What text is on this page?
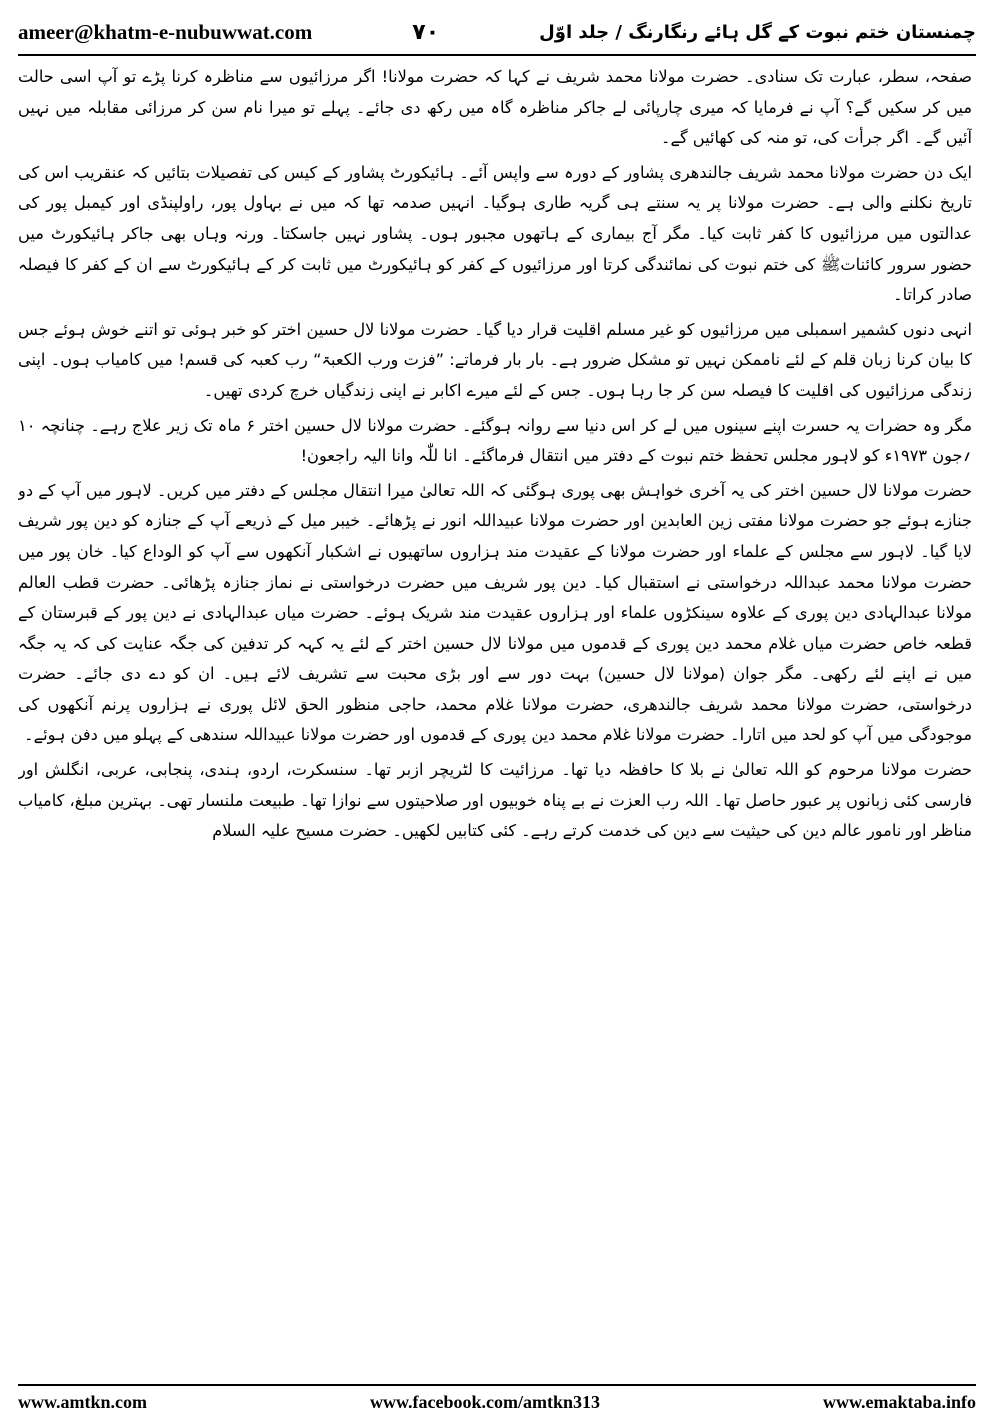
ameer@khatm-e-nubuwwat.com	۷۰	چمنستان ختم نبوت کے گل ہائے رنگارنگ / جلد اوّل

صفحہ، سطر، عبارت تک سنادی۔ حضرت مولانا محمد شریف نے کہا کہ حضرت مولانا! اگر مرزائیوں سے مناظرہ کرنا پڑے تو آپ اسی حالت میں کر سکیں گے؟ آپ نے فرمایا کہ میری چارپائی لے جاکر مناظرہ گاہ میں رکھ دی جائے۔ پہلے تو میرا نام سن کر مرزائی مقابلہ میں نہیں آئیں گے۔ اگر جرأت کی، تو منہ کی کھائیں گے۔

ایک دن حضرت مولانا محمد شریف جالندھری پشاور کے دورہ سے واپس آئے۔ ہائیکورٹ پشاور کے کیس کی تفصیلات بتائیں کہ عنقریب اس کی تاریخ نکلنے والی ہے۔ حضرت مولانا پر یہ سنتے ہی گریہ طاری ہوگیا۔ انہیں صدمہ تھا کہ میں نے بہاول پور، راولپنڈی اور کیمبل پور کی عدالتوں میں مرزائیوں کا کفر ثابت کیا۔ مگر آج بیماری کے ہاتھوں مجبور ہوں۔ پشاور نہیں جاسکتا۔ ورنہ وہاں بھی جاکر ہائیکورٹ میں حضور سرور کائناتﷺ کی ختم نبوت کی نمائندگی کرتا اور مرزائیوں کے کفر کو ہائیکورٹ میں ثابت کر کے ہائیکورٹ سے ان کے کفر کا فیصلہ صادر کراتا۔

انہی دنوں کشمیر اسمبلی میں مرزائیوں کو غیر مسلم اقلیت قرار دیا گیا۔ حضرت مولانا لال حسین اختر کو خبر ہوئی تو اتنے خوش ہوئے جس کا بیان کرنا زبان قلم کے لئے ناممکن نہیں تو مشکل ضرور ہے۔ بار بار فرماتے: ”فزت ورب الکعبۃ“ رب کعبہ کی قسم! میں کامیاب ہوں۔ اپنی زندگی مرزائیوں کی اقلیت کا فیصلہ سن کر جا رہا ہوں۔ جس کے لئے میرے اکابر نے اپنی زندگیاں خرچ کردی تھیں۔

مگر وہ حضرات یہ حسرت اپنے سینوں میں لے کر اس دنیا سے روانہ ہوگئے۔ حضرت مولانا لال حسین اختر ۶ ماہ تک زیر علاج رہے۔ چنانچہ ۱۰ ؍جون ۱۹۷۳ء کو لاہور مجلس تحفظ ختم نبوت کے دفتر میں انتقال فرماگئے۔ انا للّٰہ وانا الیہ راجعون!

حضرت مولانا لال حسین اختر کی یہ آخری خواہش بھی پوری ہوگئی کہ اللہ تعالیٰ میرا انتقال مجلس کے دفتر میں کریں۔ لاہور میں آپ کے دو جنازے ہوئے جو حضرت مولانا مفتی زین العابدین اور حضرت مولانا عبیداللہ انور نے پڑھائے۔ خیبر میل کے ذریعے آپ کے جنازہ کو دین پور شریف لایا گیا۔ لاہور سے مجلس کے علماء اور حضرت مولانا کے عقیدت مند ہزاروں ساتھیوں نے اشکبار آنکھوں سے آپ کو الوداع کیا۔ خان پور میں حضرت مولانا محمد عبداللہ درخواستی نے استقبال کیا۔ دین پور شریف میں حضرت درخواستی نے نماز جنازہ پڑھائی۔ حضرت قطب العالم مولانا عبدالہادی دین پوری کے علاوہ سینکڑوں علماء اور ہزاروں عقیدت مند شریک ہوئے۔ حضرت میاں عبدالہادی نے دین پور کے قبرستان کے قطعہ خاص حضرت میاں غلام محمد دین پوری کے قدموں میں مولانا لال حسین اختر کے لئے یہ کہہ کر تدفین کی جگہ عنایت کی کہ یہ جگہ میں نے اپنے لئے رکھی۔ مگر جوان (مولانا لال حسین) بہت دور سے اور بڑی محبت سے تشریف لائے ہیں۔ ان کو دے دی جائے۔ حضرت درخواستی، حضرت مولانا محمد شریف جالندھری، حضرت مولانا غلام محمد، حاجی منظور الحق لائل پوری نے ہزاروں پرنم آنکھوں کی موجودگی میں آپ کو لحد میں اتارا۔ حضرت مولانا غلام محمد دین پوری کے قدموں اور حضرت مولانا عبیداللہ سندھی کے پہلو میں دفن ہوئے۔

حضرت مولانا مرحوم کو اللہ تعالیٰ نے بلا کا حافظہ دیا تھا۔ مرزائیت کا لٹریچر ازبر تھا۔ سنسکرت، اردو، ہندی، پنجابی، عربی، انگلش اور فارسی کئی زبانوں پر عبور حاصل تھا۔ اللہ رب العزت نے بے پناہ خوبیوں اور صلاحیتوں سے نوازا تھا۔ طبیعت ملنسار تھی۔ بہترین مبلغ، کامیاب مناظر اور نامور عالم دین کی حیثیت سے دین کی خدمت کرتے رہے۔ کئی کتابیں لکھیں۔ حضرت مسیح علیہ السلام

www.amtkn.com	www.facebook.com/amtkn313	www.emaktaba.info
